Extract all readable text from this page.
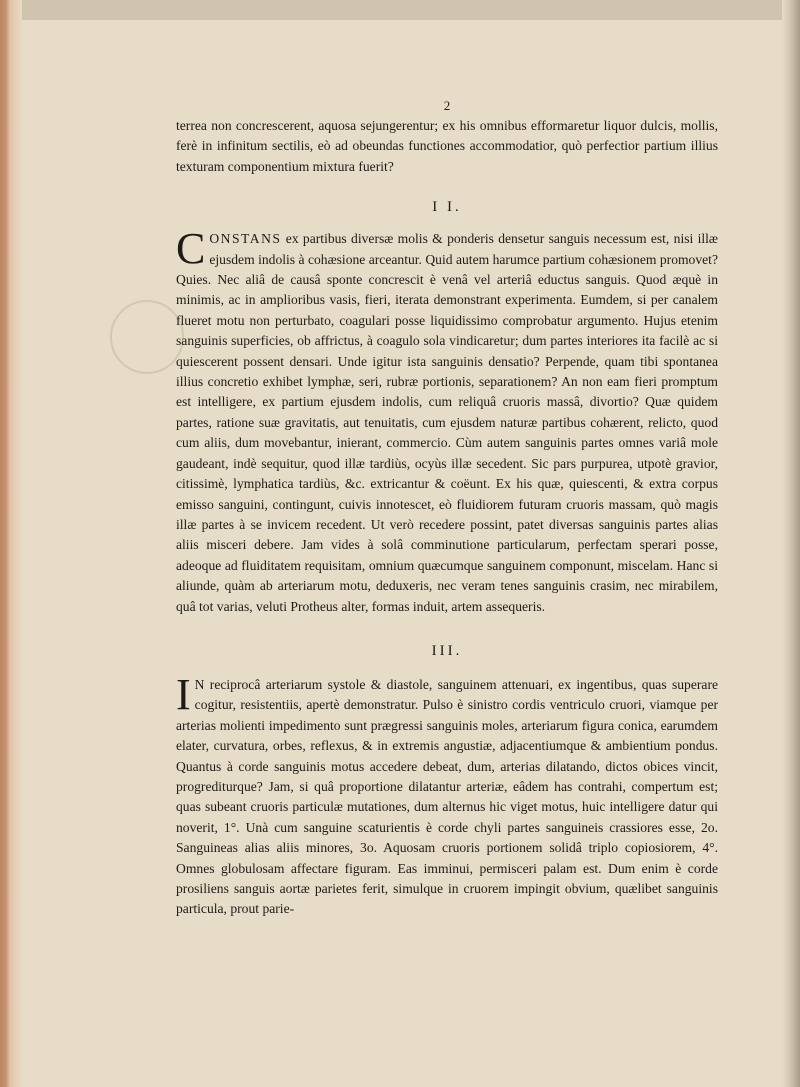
2

terrea non concrescerent, aquosa sejungerentur; ex his omnibus efformaretur liquor dulcis, mollis, ferè in infinitum sectilis, eò ad obeundas functiones accommodatior, quò perfectior partium illius texturam componentium mixtura fuerit?

I I.

CONSTANS ex partibus diversæ molis & ponderis densetur sanguis necessum est, nisi illæ ejusdem indolis à cohæsione arceantur. Quid autem harumce partium cohæsionem promovet? Quies. Nec aliâ de causâ sponte concrescit è venâ vel arteriâ eductus sanguis. Quod æquè in minimis, ac in amplioribus vasis, fieri, iterata demonstrant experimenta. Eumdem, si per canalem flueret motu non perturbato, coagulari posse liquidissimo comprobatur argumento. Hujus etenim sanguinis superficies, ob affrictus, à coagulo sola vindicaretur; dum partes interiores ita facilè ac si quiescerent possent densari. Unde igitur ista sanguinis densatio? Perpende, quam tibi spontanea illius concretio exhibet lymphæ, seri, rubræ portionis, separationem? An non eam fieri promptum est intelligere, ex partium ejusdem indolis, cum reliquâ cruoris massâ, divortio? Quæ quidem partes, ratione suæ gravitatis, aut tenuitatis, cum ejusdem naturæ partibus cohærent, relicto, quod cum aliis, dum movebantur, inierant, commercio. Cùm autem sanguinis partes omnes variâ mole gaudeant, indè sequitur, quod illæ tardiùs, ocyùs illæ secedent. Sic pars purpurea, utpotè gravior, citissimè, lymphatica tardiùs, &c. extricantur & coëunt. Ex his quæ, quiescenti, & extra corpus emisso sanguini, contingunt, cuivis innotescet, eò fluidiorem futuram cruoris massam, quò magis illæ partes à se invicem recedent. Ut verò recedere possint, patet diversas sanguinis partes alias aliis misceri debere. Jam vides à solâ comminutione particularum, perfectam sperari posse, adeoque ad fluiditatem requisitam, omnium quæcumque sanguinem componunt, miscelam. Hanc si aliunde, quàm ab arteriarum motu, deduxeris, nec veram tenes sanguinis crasim, nec mirabilem, quâ tot varias, veluti Protheus alter, formas induit, artem assequeris.

III.

I N reciprocâ arteriarum systole & diastole, sanguinem attenuari, ex ingentibus, quas superare cogitur, resistentiis, apertè demonstratur. Pulso è sinistro cordis ventriculo cruori, viamque per arterias molienti impedimento sunt prægressi sanguinis moles, arteriarum figura conica, earumdem elater, curvatura, orbes, reflexus, & in extremis angustiæ, adjacentiumque & ambientium pondus. Quantus à corde sanguinis motus accedere debeat, dum, arterias dilatando, dictos obices vincit, progrediturque? Jam, si quâ proportione dilatantur arteriæ, eâdem has contrahi, compertum est; quas subeant cruoris particulæ mutationes, dum alternus hic viget motus, huic intelligere datur qui noverit, 1°. Unà cum sanguine scaturientis è corde chyli partes sanguineis crassiores esse, 2o. Sanguineas alias aliis minores, 3o. Aquosam cruoris portionem solidâ triplo copiosiorem, 4°. Omnes globulosam affectare figuram. Eas imminui, permisceri palam est. Dum enim è corde prosiliens sanguis aortæ parietes ferit, simulque in cruorem impingit obvium, quælibet sanguinis particula, prout parie-
